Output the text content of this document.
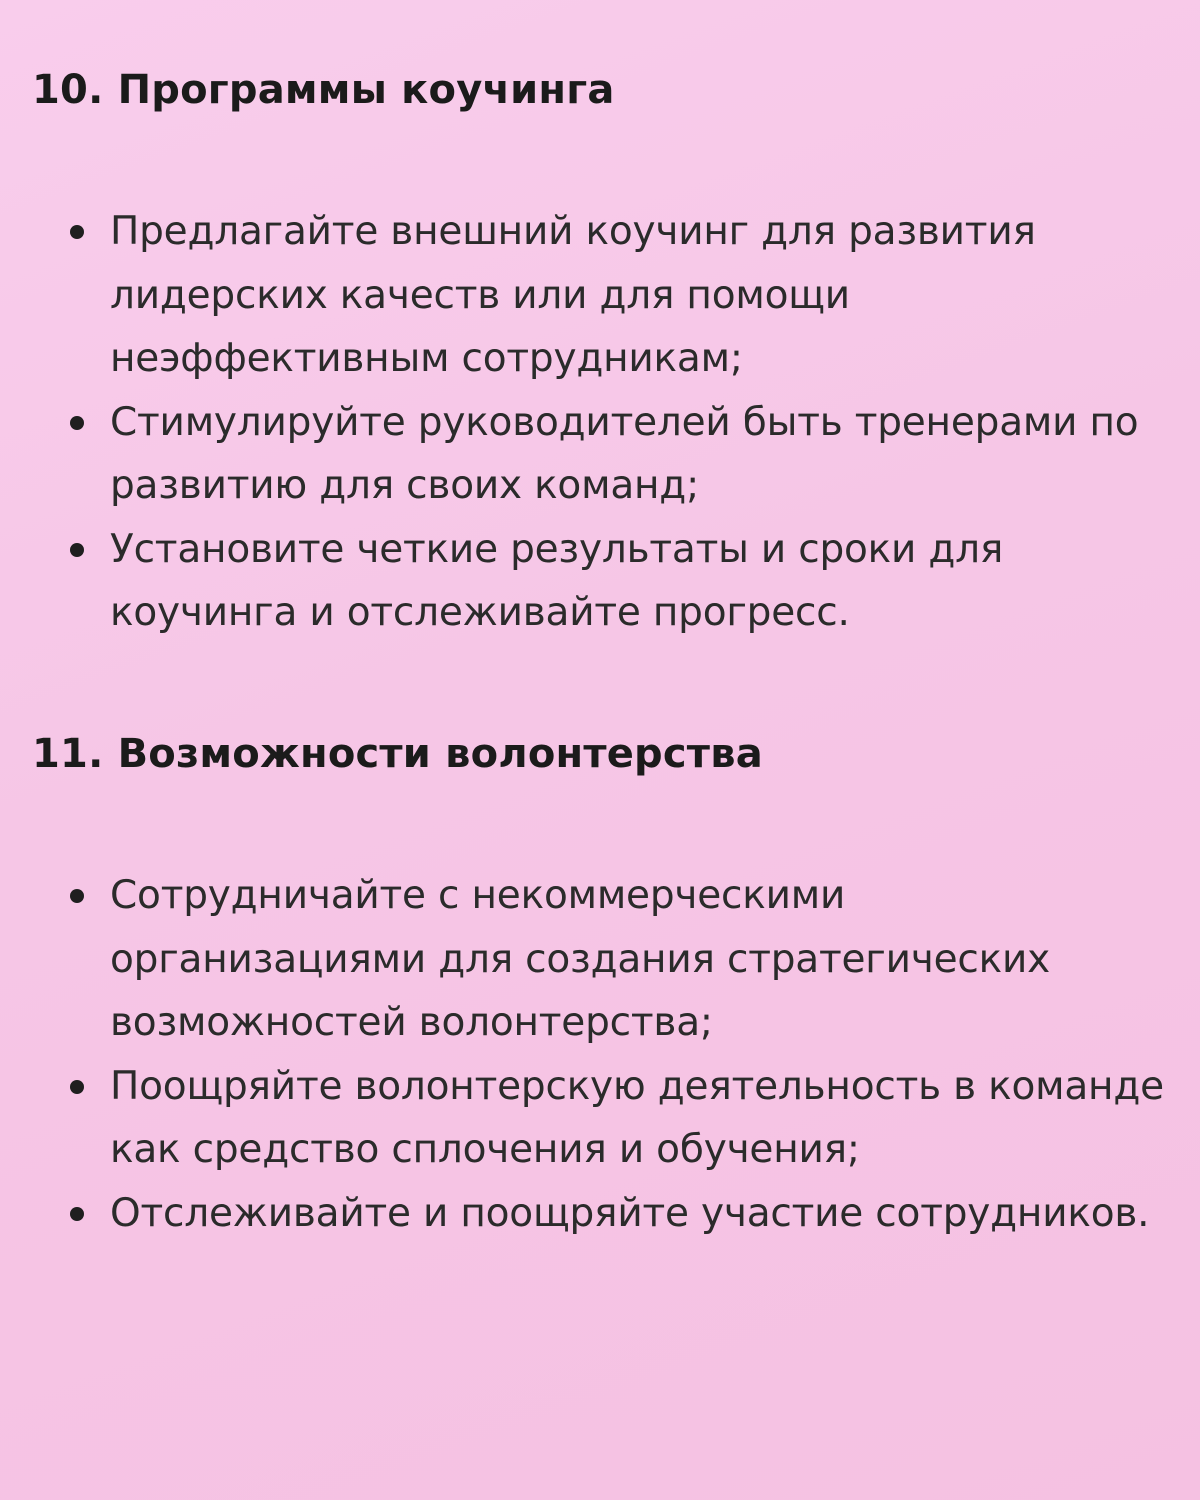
10. Программы коучинга
Предлагайте внешний коучинг для развития лидерских качеств или для помощи неэффективным сотрудникам;
Стимулируйте руководителей быть тренерами по развитию для своих команд;
Установите четкие результаты и сроки для коучинга и отслеживайте прогресс.
11. Возможности волонтерства
Сотрудничайте с некоммерческими организациями для создания стратегических возможностей волонтерства;
Поощряйте волонтерскую деятельность в команде как средство сплочения и обучения;
Отслеживайте и поощряйте участие сотрудников.
